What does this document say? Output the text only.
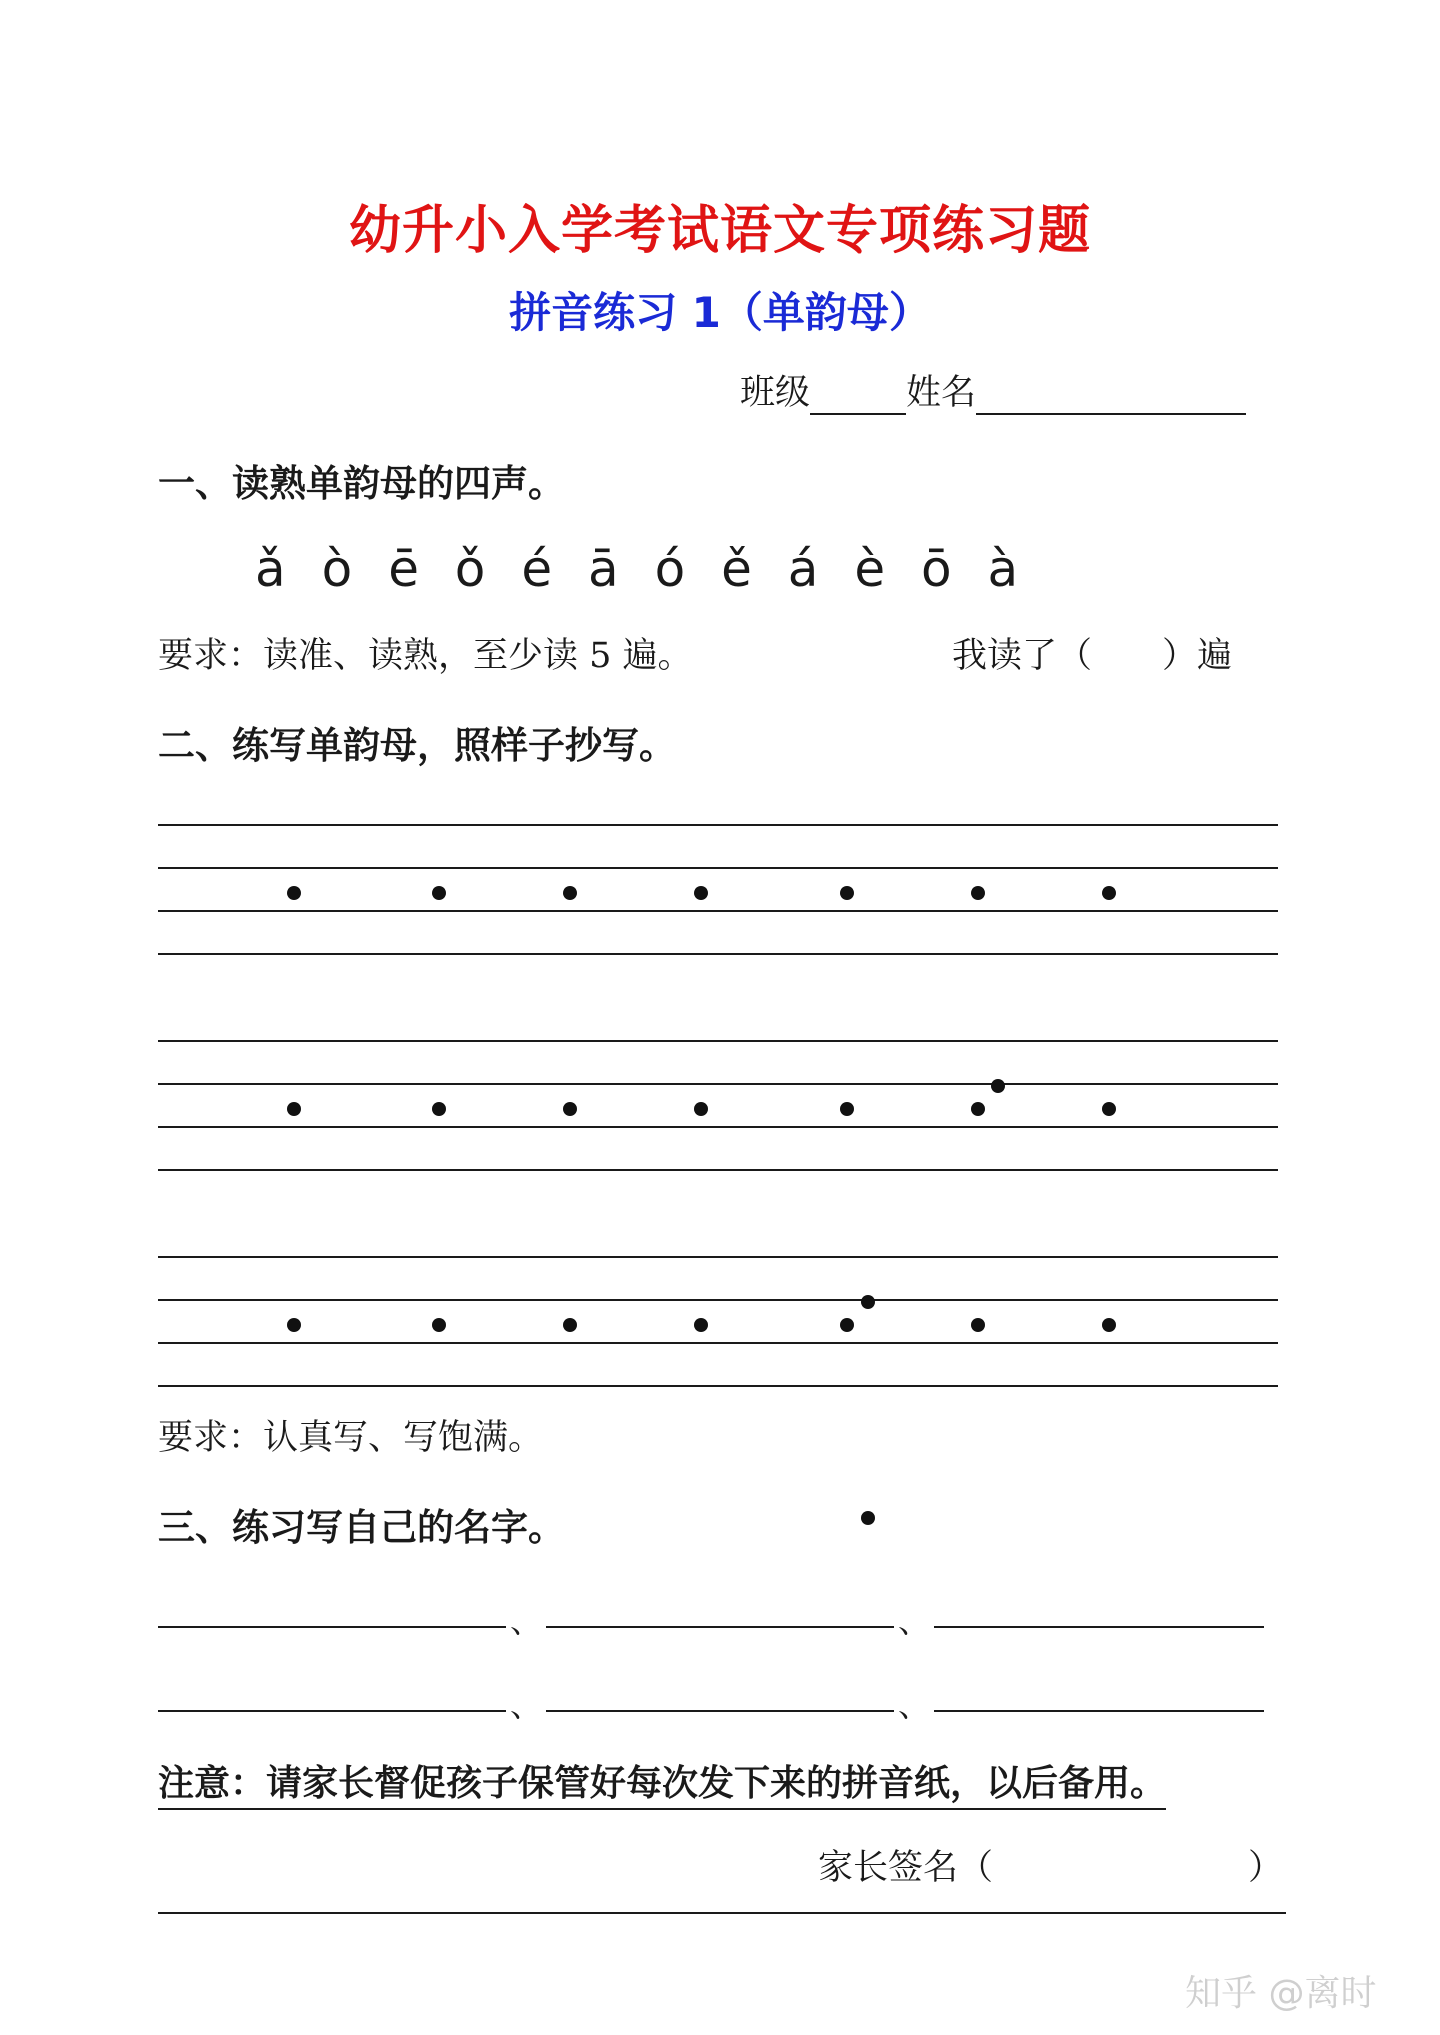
幼升小入学考试语文专项练习题
拼音练习 1（单韵母）
班级	姓名
一、读熟单韵母的四声。
ǎ ò ē ǒ é ā ó ě á è ō à
要求：读准、读熟，至少读 5 遍。	我读了（ ）遍
二、练写单韵母，照样子抄写。
要求：认真写、写饱满。
三、练习写自己的名字。
、	、
、	、
注意：请家长督促孩子保管好每次发下来的拼音纸，以后备用。
家长签名（	）
知乎 @离时
